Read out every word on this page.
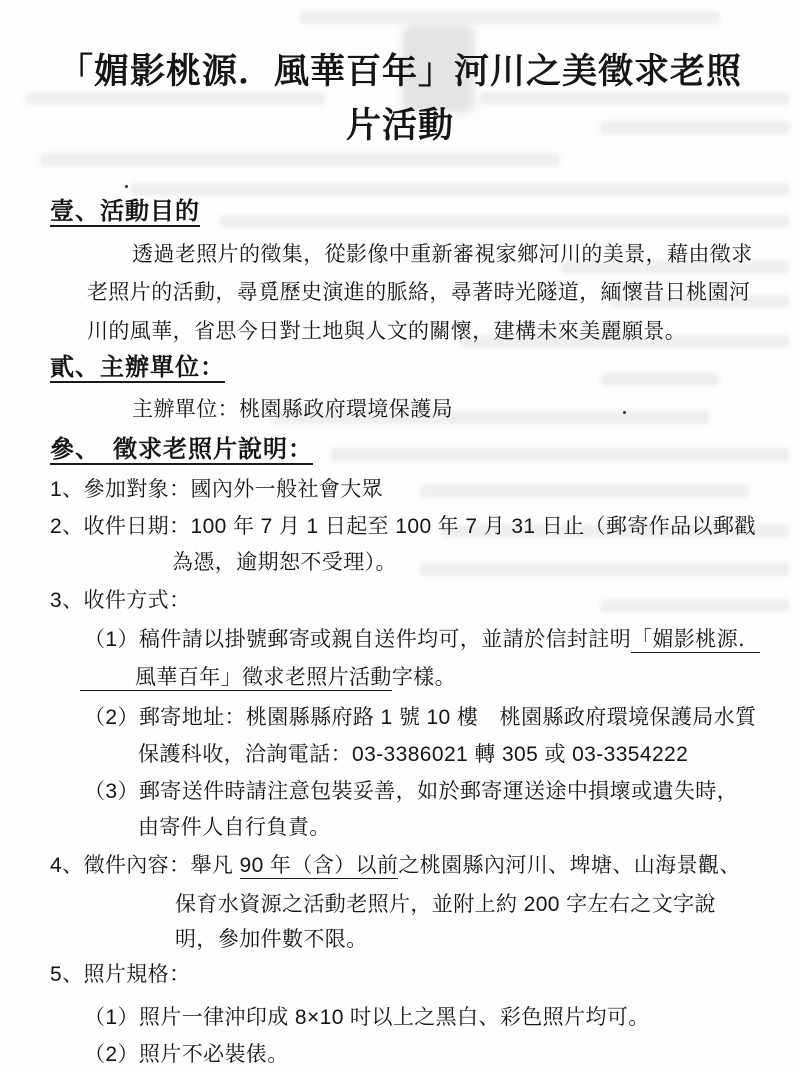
「媚影桃源．風華百年」河川之美徵求老照
片活動
壹、活動目的
透過老照片的徵集，從影像中重新審視家鄉河川的美景，藉由徵求
老照片的活動，尋覓歷史演進的脈絡，尋著時光隧道，緬懷昔日桃園河
川的風華，省思今日對土地與人文的關懷，建構未來美麗願景。
貳、主辦單位：
主辦單位：桃園縣政府環境保護局
參、　徵求老照片說明：
1、參加對象：國內外一般社會大眾
2、收件日期：100 年 7 月 1 日起至 100 年 7 月 31 日止（郵寄作品以郵戳
為憑，逾期恕不受理）。
3、收件方式：
（1）稿件請以掛號郵寄或親自送件均可，並請於信封註明「媚影桃源．
風華百年」徵求老照片活動字樣。
（2）郵寄地址：桃園縣縣府路 1 號 10 樓　桃園縣政府環境保護局水質
保護科收，洽詢電話：03-3386021 轉 305 或 03-3354222
（3）郵寄送件時請注意包裝妥善，如於郵寄運送途中損壞或遺失時，
由寄件人自行負責。
4、徵件內容：舉凡 90 年（含）以前之桃園縣內河川、埤塘、山海景觀、
保育水資源之活動老照片，並附上約 200 字左右之文字說
明，參加件數不限。
5、照片規格：
（1）照片一律沖印成 8×10 吋以上之黑白、彩色照片均可。
（2）照片不必裝俵。
